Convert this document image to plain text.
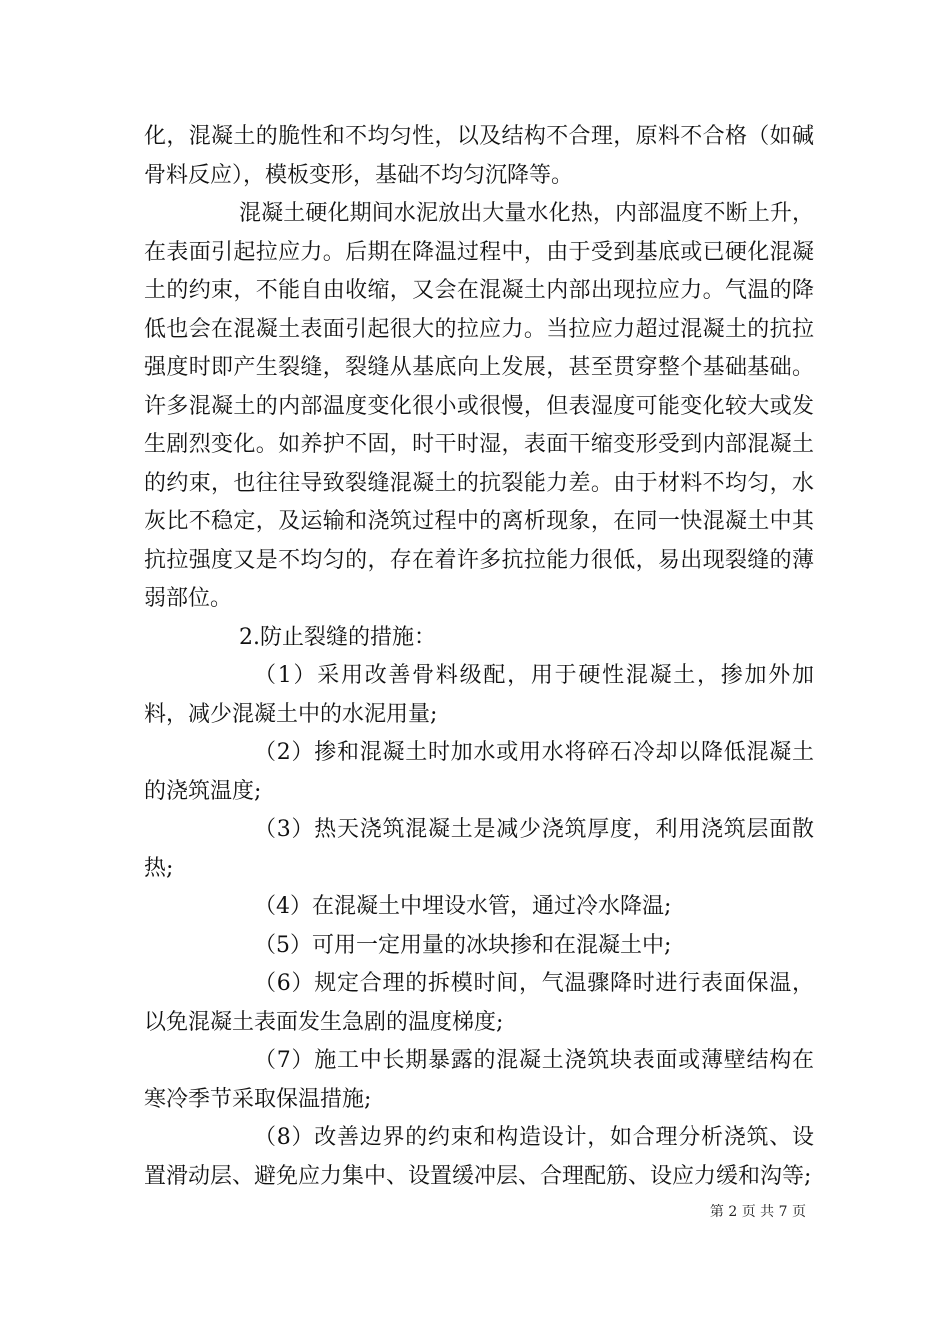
化，混凝土的脆性和不均匀性，以及结构不合理，原料不合格（如碱骨料反应），模板变形，基础不均匀沉降等。

混凝土硬化期间水泥放出大量水化热，内部温度不断上升，在表面引起拉应力。后期在降温过程中，由于受到基底或已硬化混凝土的约束，不能自由收缩，又会在混凝土内部出现拉应力。气温的降低也会在混凝土表面引起很大的拉应力。当拉应力超过混凝土的抗拉强度时即产生裂缝，裂缝从基底向上发展，甚至贯穿整个基础基础。许多混凝土的内部温度变化很小或很慢，但表湿度可能变化较大或发生剧烈变化。如养护不固，时干时湿，表面干缩变形受到内部混凝土的约束，也往往导致裂缝混凝土的抗裂能力差。由于材料不均匀，水灰比不稳定，及运输和浇筑过程中的离析现象，在同一快混凝土中其抗拉强度又是不均匀的，存在着许多抗拉能力很低，易出现裂缝的薄弱部位。

2.防止裂缝的措施：

（1）采用改善骨料级配，用于硬性混凝土，掺加外加料，减少混凝土中的水泥用量;

（2）掺和混凝土时加水或用水将碎石冷却以降低混凝土的浇筑温度;

（3）热天浇筑混凝土是减少浇筑厚度，利用浇筑层面散热;

（4）在混凝土中埋设水管，通过冷水降温;

（5）可用一定用量的冰块掺和在混凝土中;

（6）规定合理的拆模时间，气温骤降时进行表面保温，以免混凝土表面发生急剧的温度梯度;

（7）施工中长期暴露的混凝土浇筑块表面或薄壁结构在寒冷季节采取保温措施;

（8）改善边界的约束和构造设计，如合理分析浇筑、设置滑动层、避免应力集中、设置缓冲层、合理配筋、设应力缓和沟等;

第 2 页 共 7 页
